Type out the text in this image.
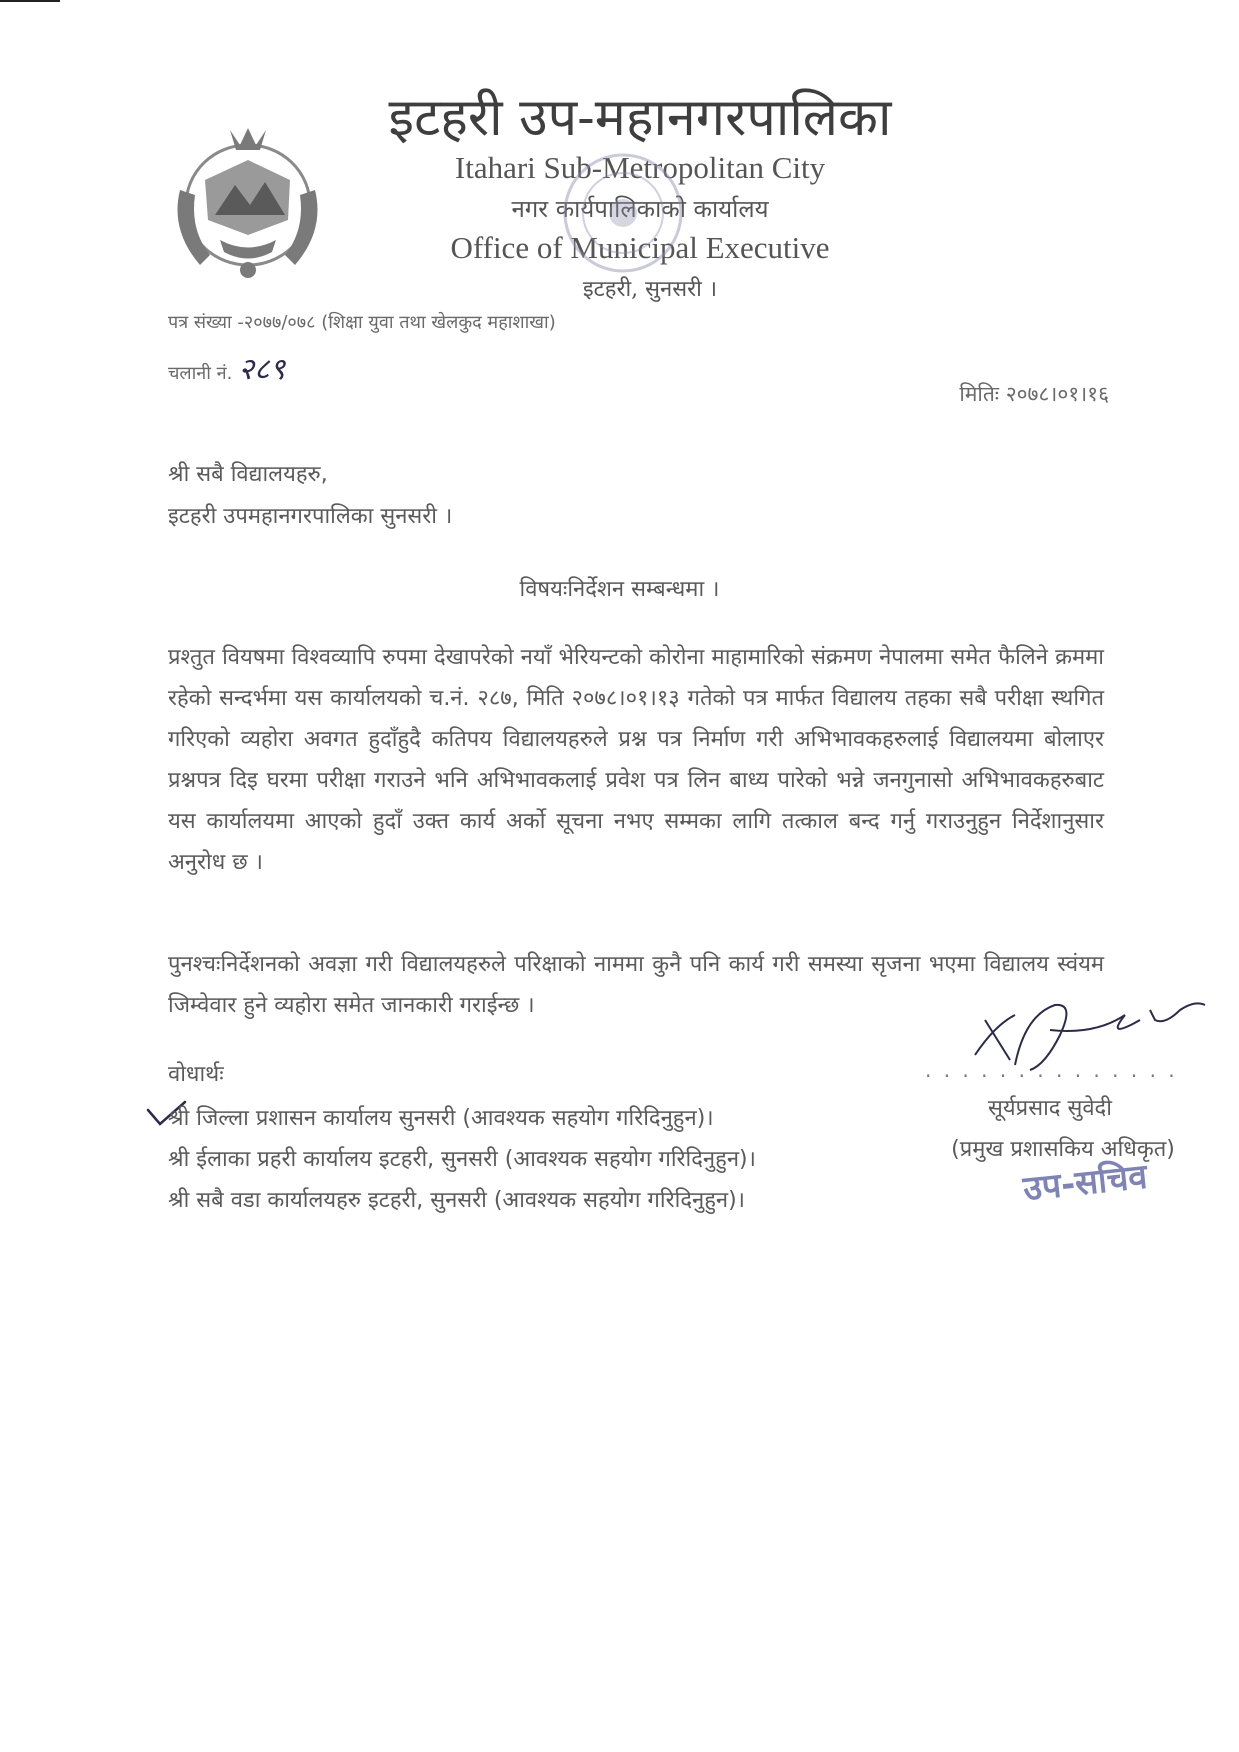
इटहरी उप-महानगरपालिका
Itahari Sub-Metropolitan City
नगर कार्यपालिकाको कार्यालय
Office of Municipal Executive
इटहरी, सुनसरी ।
पत्र संख्या -२०७७/०७८ (शिक्षा युवा तथा खेलकुद महाशाखा)
चलानी नं. २८९
मितिः २०७८।०१।१६
श्री सबै विद्यालयहरु,
इटहरी उपमहानगरपालिका सुनसरी ।
विषयःनिर्देशन सम्बन्धमा ।
प्रश्तुत वियषमा विश्वव्यापि रुपमा देखापरेको नयाँ भेरियन्टको कोरोना माहामारिको संक्रमण नेपालमा समेत फैलिने क्रममा रहेको सन्दर्भमा यस कार्यालयको च.नं. २८७, मिति २०७८।०१।१३ गतेको पत्र मार्फत विद्यालय तहका सबै परीक्षा स्थगित गरिएको व्यहोरा अवगत हुदाँहुदै कतिपय विद्यालयहरुले प्रश्न पत्र निर्माण गरी अभिभावकहरुलाई विद्यालयमा बोलाएर प्रश्नपत्र दिइ घरमा परीक्षा गराउने भनि अभिभावकलाई प्रवेश पत्र लिन बाध्य पारेको भन्ने जनगुनासो अभिभावकहरुबाट यस कार्यालयमा आएको हुदाँ उक्त कार्य अर्को सूचना नभए सम्मका लागि तत्काल बन्द गर्नु गराउनुहुन निर्देशानुसार अनुरोध छ ।
पुनश्चःनिर्देशनको अवज्ञा गरी विद्यालयहरुले परिक्षाको नाममा कुनै पनि कार्य गरी समस्या सृजना भएमा विद्यालय स्वंयम जिम्वेवार हुने व्यहोरा समेत जानकारी गराईन्छ ।
वोधार्थः
श्री जिल्ला प्रशासन कार्यालय सुनसरी (आवश्यक सहयोग गरिदिनुहुन)।
श्री ईलाका प्रहरी कार्यालय इटहरी, सुनसरी (आवश्यक सहयोग गरिदिनुहुन)।
श्री सबै वडा कार्यालयहरु इटहरी, सुनसरी (आवश्यक सहयोग गरिदिनुहुन)।
. . . . . . . . . . . . . .
सूर्यप्रसाद सुवेदी
(प्रमुख प्रशासकिय अधिकृत)
उप-सचिव
